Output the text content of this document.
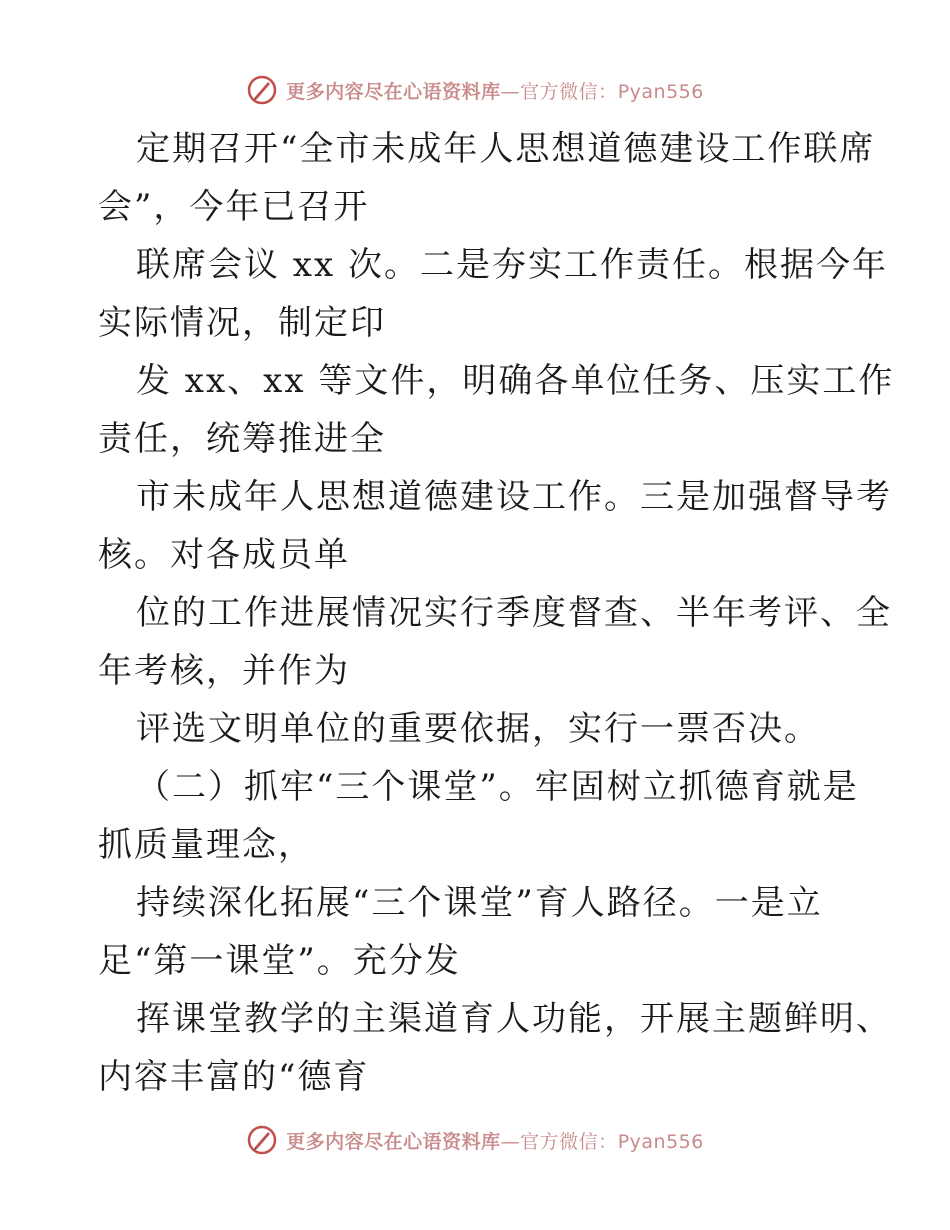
更多内容尽在心语资料库—官方微信：Pyan556

定期召开“全市未成年人思想道德建设工作联席

会”，今年已召开

联席会议 xx 次。二是夯实工作责任。根据今年

实际情况，制定印

发 xx、xx 等文件，明确各单位任务、压实工作

责任，统筹推进全

市未成年人思想道德建设工作。三是加强督导考

核。对各成员单

位的工作进展情况实行季度督查、半年考评、全

年考核，并作为

评选文明单位的重要依据，实行一票否决。

（二）抓牢“三个课堂”。牢固树立抓德育就是

抓质量理念，

持续深化拓展“三个课堂”育人路径。一是立

足“第一课堂”。充分发

挥课堂教学的主渠道育人功能，开展主题鲜明、

内容丰富的“德育

更多内容尽在心语资料库—官方微信：Pyan556
